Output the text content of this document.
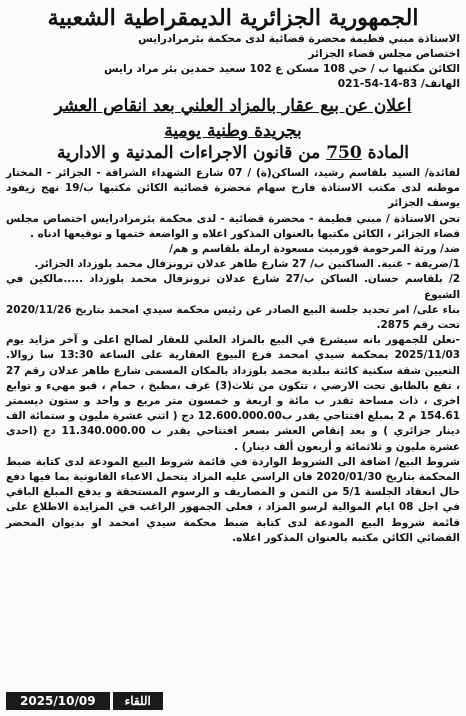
الجمهورية الجزائرية الديمقراطية الشعبية

الاستاذة مبني فطيمة محضرة قضائية لدى محكمة بئرمرادرايس

اختصاص مجلس قضاء الجزائر

الكائن مكتبها ب / حي 108 مسكن ع 102 سعيد حمدين بئر مراد رايس

الهاتف/ 021-54-14-83

اعلان عن بيع عقار بالمزاد العلني بعد انقاص العشر
بجريدة وطنية يومية
المادة 750 من قانون الاجراءات المدنية و الادارية

لفائدة/ السيد بلقاسم رشيد، الساكن(ة) / 07 شارع الشهداء الشراقة - الجزائر - المختار موطنه لدى مكتب الاستاذة فارح سهام محضرة قضائية الكائن مكتبها ب/19 نهج زيفود يوسف الجزائر

نحن الاستاذة / مبني فطيمة - محضرة قضائية - لدى محكمة بئرمرادرايس اختصاص مجلس قضاء الجزائر ، الكائن مكتبها بالعنوان المذكور اعلاه و الواضعة ختمها و توقيعها ادناه .

ضد/ ورثة المرحومة قورميت مسعودة ارملة بلقاسم و هم/

1/ضريفة - غنية. الساكنين ب/ 27 شارع طاهر عدلان ترونزفال محمد بلوزداد الجزائر.

2/ بلقاسم حسان. الساكن ب/27 شارع عدلان ترونزفال محمد بلوزداد .....مالكين في الشيوع

بناء على/ امر تحديد جلسة البيع الصادر عن رئيس محكمة سيدي امحمد بتاريخ 2020/11/26 تحت رقم 2875.

-نعلن للجمهور بانه سيشرع في البيع بالمزاد العلني للعقار لصالح اعلى و آخر مزايد يوم 2025/11/03 بمحكمة سيدي امحمد فرع البيوع العقارية على الساعة 13:30 سا زوالا. التعيين شقة سكنية كائنة ببلدية محمد بلوزداد بالمكان المسمى شارع طاهر عدلان رقم 27 ، تقع بالطابق تحت الارضي ، تتكون من ثلاث(3) غرف ،مطبخ ، حمام ، قبو مهيء و توابع اخرى ، ذات مساحة تقدر ب مائة و اربعة و خمسون متر مربع و واحد و ستون ديسمتر 154.61 م 2 بمبلغ افتتاحي يقدر ب12.600.000.00 دج ( اثني عشرة مليون و ستمائة الف دينار جزائري ) و بعد إنقاص العشر بسعر افتتاحي يقدر ب 11.340.000.00 دج (احدى عشرة مليون و ثلاثمائة و أربعون ألف دينار) .

شروط البيع/ اضافة الى الشروط الواردة في قائمة شروط البيع المودعة لدى كتابة ضبط المحكمة بتاريخ 2020/01/30 فان الراسي عليه المزاد يتحمل الاعباء القانونية بما فيها دفع حال انعقاد الجلسة 5/1 من الثمن و المصاريف و الرسوم المستحقة و يدفع المبلغ الباقي في اجل 08 ايام الموالية لرسو المزاد ، فعلى الجمهور الراغب في المزايدة الاطلاع على قائمة شروط البيع المودعة لدى كتابة ضبط محكمة سيدي امحمد او بديوان المحضر القضائي الكائن مكتبه بالعنوان المذكور اعلاه.

2025/10/09	اللقاء
